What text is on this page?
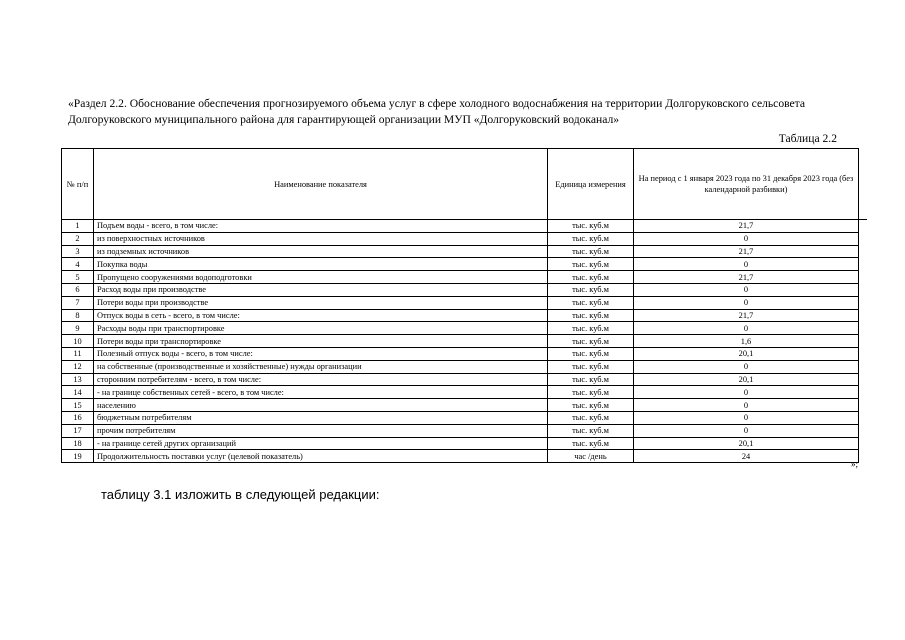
«Раздел 2.2. Обоснование обеспечения прогнозируемого объема услуг в сфере холодного водоснабжения на территории Долгоруковского сельсовета Долгоруковского муниципального района для гарантирующей организации МУП «Долгоруковский водоканал»
Таблица 2.2
№ п/п	Наименование показателя	Единица измерения	На период с 1 января 2023 года по 31 декабря 2023 года (без календарной разбивки)
1	Подъем воды - всего, в том числе:	тыс. куб.м	21,7
2	из поверхностных источников	тыс. куб.м	0
3	из подземных источников	тыс. куб.м	21,7
4	Покупка воды	тыс. куб.м	0
5	Пропущено сооружениями водоподготовки	тыс. куб.м	21,7
6	Расход воды при производстве	тыс. куб.м	0
7	Потери воды при производстве	тыс. куб.м	0
8	Отпуск воды в сеть - всего, в том числе:	тыс. куб.м	21,7
9	Расходы воды при транспортировке	тыс. куб.м	0
10	Потери воды при транспортировке	тыс. куб.м	1,6
11	Полезный отпуск воды - всего, в том числе:	тыс. куб.м	20,1
12	на собственные (производственные и хозяйственные) нужды организации	тыс. куб.м	0
13	сторонним потребителям - всего, в том числе:	тыс. куб.м	20,1
14	- на границе собственных сетей - всего, в том числе:	тыс. куб.м	0
15	населению	тыс. куб.м	0
16	бюджетным потребителям	тыс. куб.м	0
17	прочим потребителям	тыс. куб.м	0
18	- на границе сетей других организаций	тыс. куб.м	20,1
19	Продолжительность поставки услуг (целевой показатель)	час /день	24
»;
таблицу 3.1 изложить в следующей редакции:
